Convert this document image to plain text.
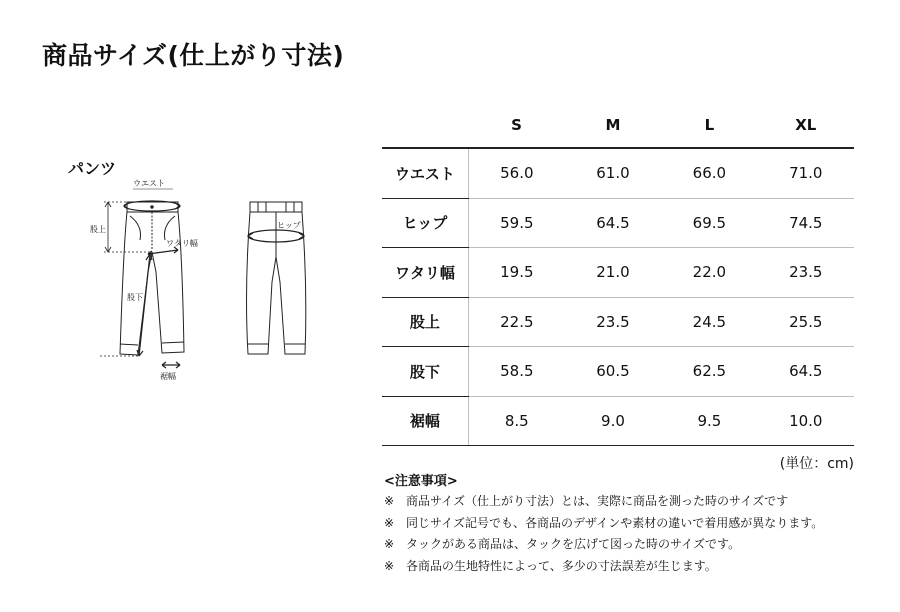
商品サイズ(仕上がり寸法)
パンツ
ウエスト
股上
ワタリ幅
股下
裾幅
ヒップ
	S	M	L	XL
ウエスト	56.0	61.0	66.0	71.0
ヒップ	59.5	64.5	69.5	74.5
ワタリ幅	19.5	21.0	22.0	23.5
股上	22.5	23.5	24.5	25.5
股下	58.5	60.5	62.5	64.5
裾幅	8.5	9.0	9.5	10.0
(単位：cm)
<注意事項>
※ 商品サイズ（仕上がり寸法）とは、実際に商品を測った時のサイズです
※ 同じサイズ記号でも、各商品のデザインや素材の違いで着用感が異なります。
※ タックがある商品は、タックを広げて図った時のサイズです。
※ 各商品の生地特性によって、多少の寸法誤差が生じます。
